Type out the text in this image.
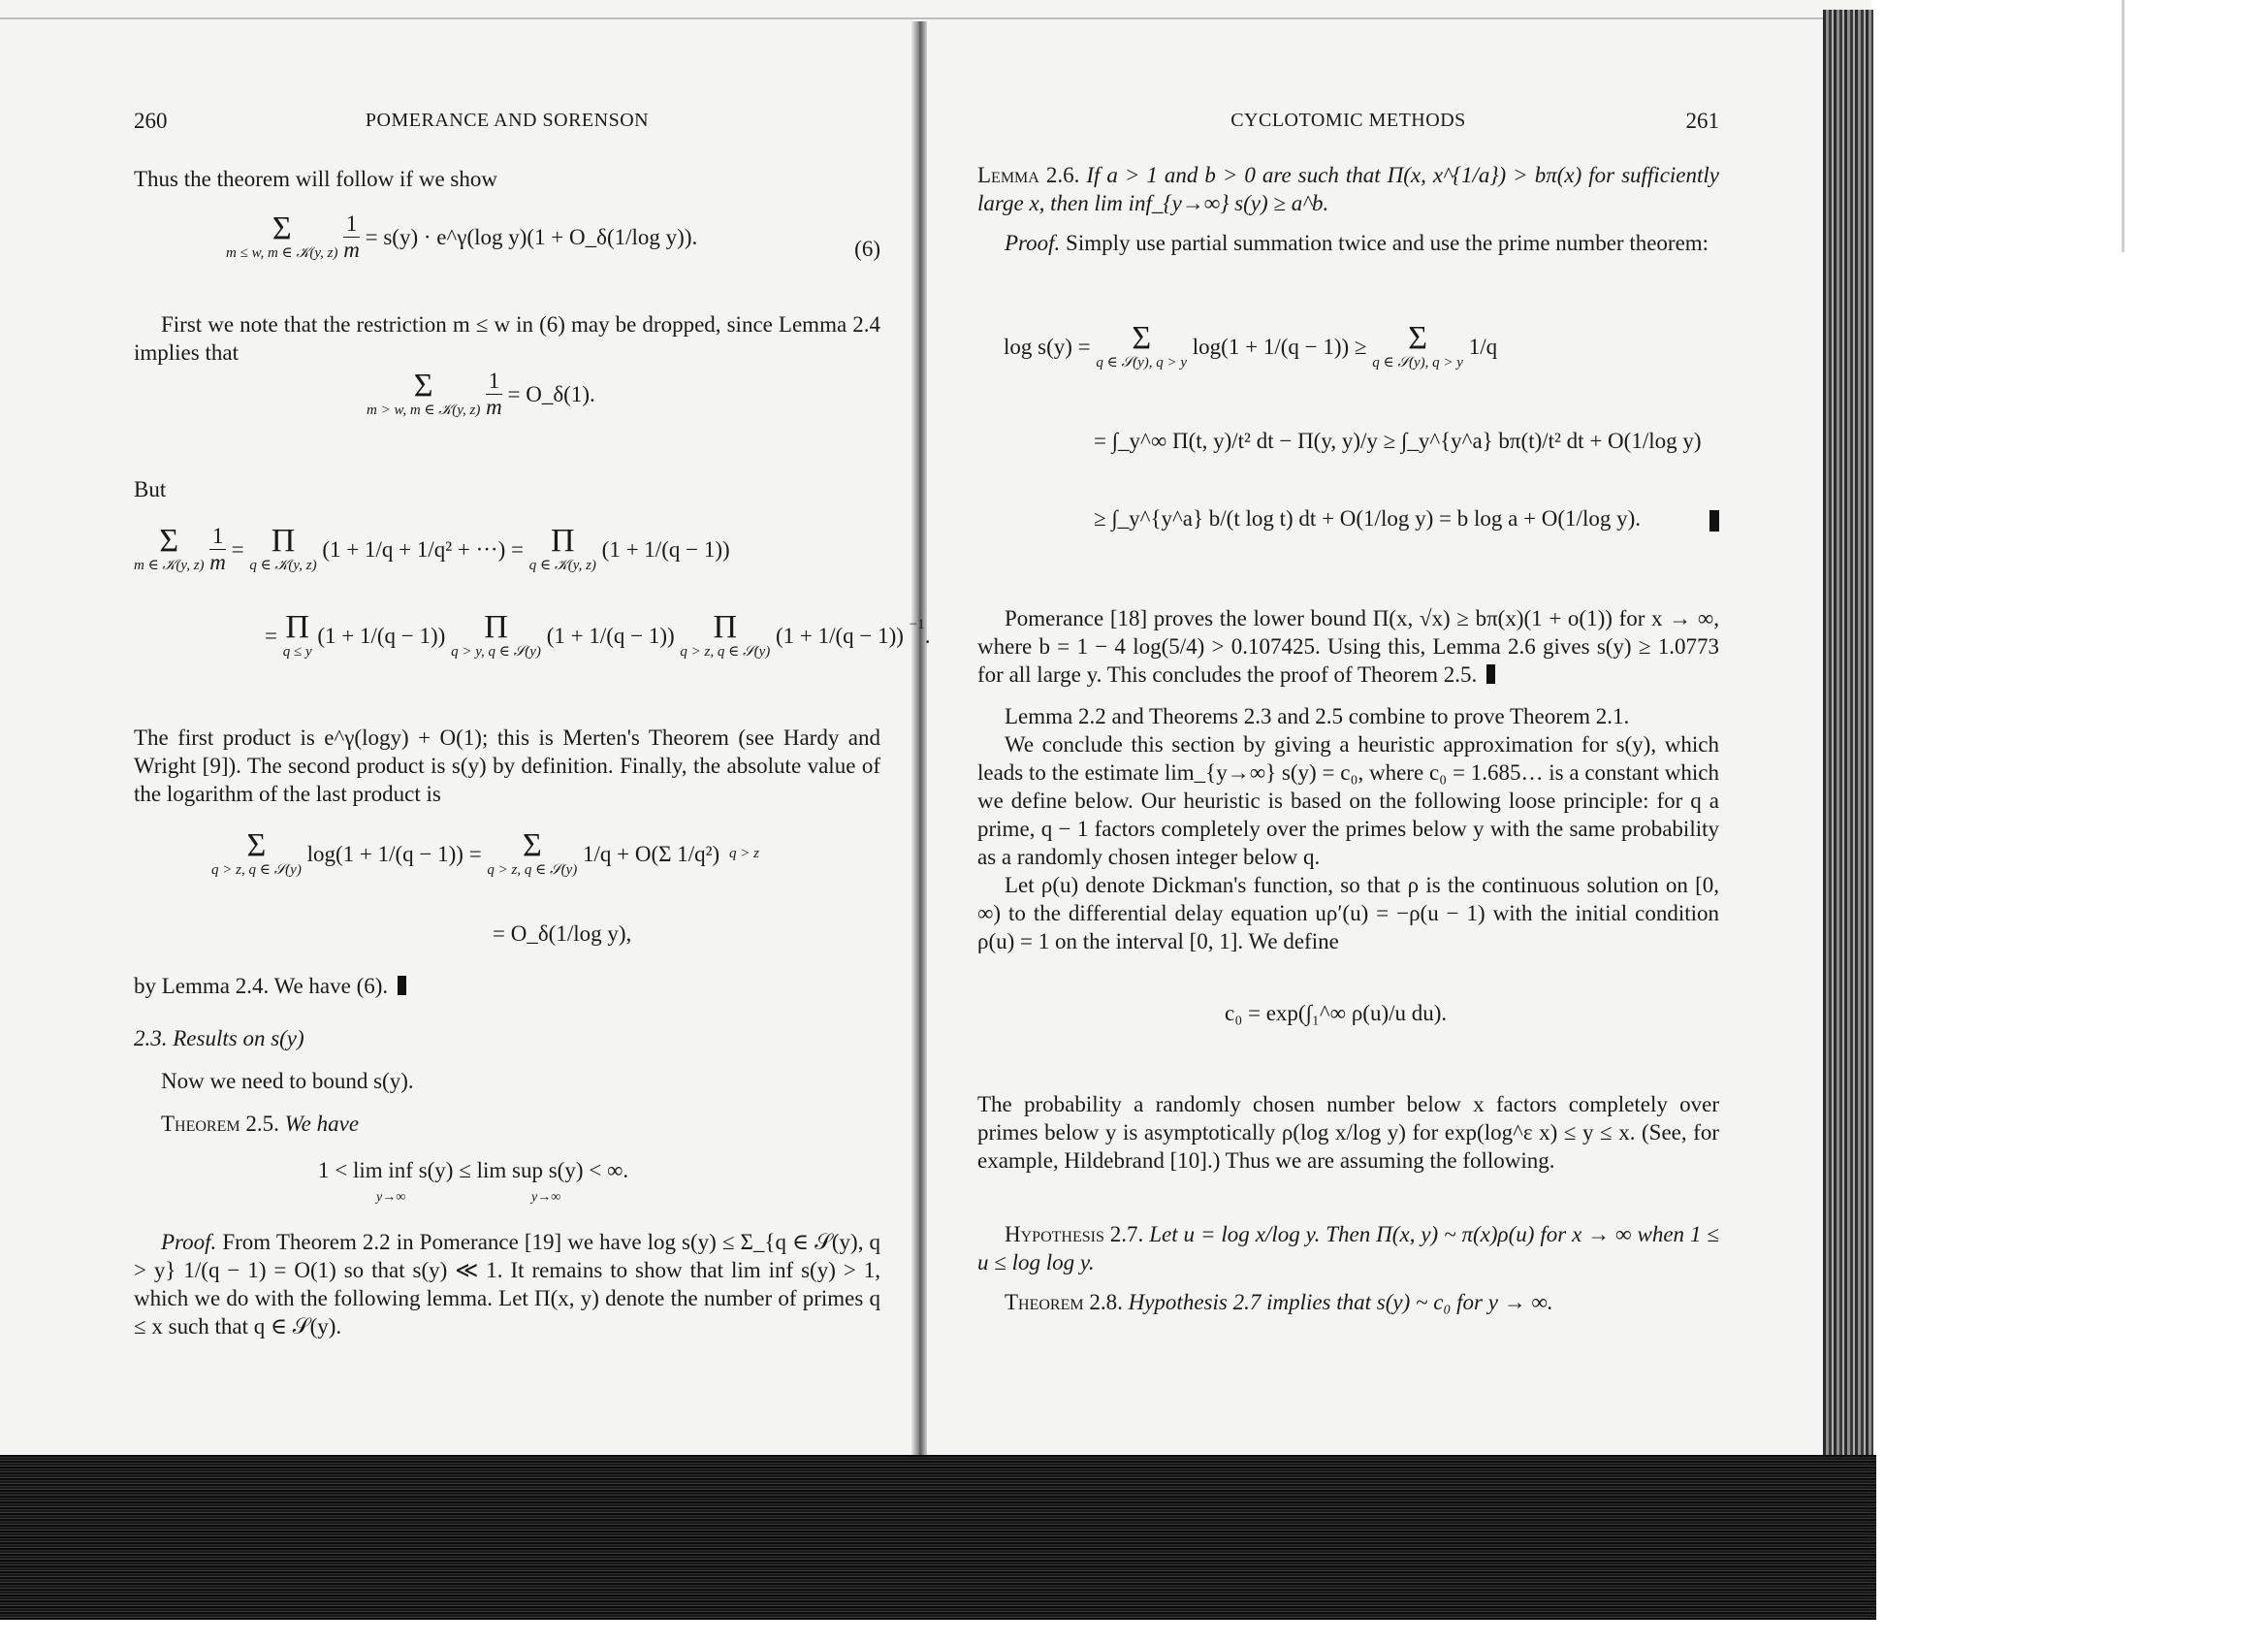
260	POMERANCE AND SORENSON

Thus the theorem will follow if we show

Σ
m ≤ w, m ∈ 𝒦(y, z)
$\frac{1}{m} = s(y)$ · e^γ(log y)(1 + O_δ(1/log y)).	(6)

First we note that the restriction m ≤ w in (6) may be dropped, since Lemma 2.4 implies that

Σ
m > w, m ∈ 𝒦(y, z)
$\frac{1}{m}$ = O_δ(1).

But

Σ
m ∈ 𝒦(y, z)
$\frac{1}{m} = \Pi$
q ∈ 𝒦(y, z)
(1 + 1/q + 1/q² + ···) = Π
q ∈ 𝒦(y, z)
(1 + 1/(q − 1))
= Π
q ≤ y
(1 + 1/(q − 1))	Π
q > y, q ∈ 𝒮(y)
(1 + 1/(q − 1))	Π
q > z, q ∈ 𝒮(y)
(1 + 1/(q − 1)) $^{-1}$.

The first product is e^γ(logy) + O(1); this is Merten's Theorem (see Hardy and Wright [9]). The second product is s(y) by definition. Finally, the absolute value of the logarithm of the last product is

Σ
q > z, q ∈ 𝒮(y)
log(1 + 1/(q − 1)) =	Σ
q > z, q ∈ 𝒮(y)
1/q + O(Σ 1/q²) q > z
= O_δ(1/log y),

by Lemma 2.4. We have (6).

2.3. Results on s(y)

Now we need to bound s(y).

Theorem 2.5. We have

1 < lim inf s(y) ≤ lim sup s(y) < ∞.
y→∞	y→∞

Proof. From Theorem 2.2 in Pomerance [19] we have log s(y) ≤ Σ_{q ∈ 𝒮(y), q > y} 1/(q − 1) = O(1) so that s(y) ≪ 1. It remains to show that lim inf s(y) > 1, which we do with the following lemma. Let Π(x, y) denote the number of primes q ≤ x such that q ∈ 𝒮(y).

CYCLOTOMIC METHODS	261

Lemma 2.6. If a > 1 and b > 0 are such that Π(x, x^{1/a}) > bπ(x) for sufficiently large x, then lim inf_{y→∞} s(y) ≥ a^b.

Proof. Simply use partial summation twice and use the prime number theorem:

log s(y) =	Σ
q ∈ 𝒮(y), q > y
log(1 + 1/(q − 1)) ≥	Σ
q ∈ 𝒮(y), q > y
1/q
= ∫_y^∞ Π(t, y)/t² dt − Π(y, y)/y ≥ ∫_y^{y^a} bπ(t)/t² dt + O(1/log y)
≥ ∫_y^{y^a} b/(t log t) dt + O(1/log y) = b log a + O(1/log y).

Pomerance [18] proves the lower bound Π(x, √x) ≥ bπ(x)(1 + o(1)) for x → ∞, where b = 1 − 4 log(5/4) > 0.107425. Using this, Lemma 2.6 gives s(y) ≥ 1.0773 for all large y. This concludes the proof of Theorem 2.5.

Lemma 2.2 and Theorems 2.3 and 2.5 combine to prove Theorem 2.1.

We conclude this section by giving a heuristic approximation for s(y), which leads to the estimate lim_{y→∞} s(y) = c₀, where c₀ = 1.685… is a constant which we define below. Our heuristic is based on the following loose principle: for q a prime, q − 1 factors completely over the primes below y with the same probability as a randomly chosen integer below q.

Let ρ(u) denote Dickman's function, so that ρ is the continuous solution on [0, ∞) to the differential delay equation uρ′(u) = −ρ(u − 1) with the initial condition ρ(u) = 1 on the interval [0, 1]. We define

c₀ = exp(∫₁^∞ ρ(u)/u du).

The probability a randomly chosen number below x factors completely over primes below y is asymptotically ρ(log x/log y) for exp(log^ε x) ≤ y ≤ x. (See, for example, Hildebrand [10].) Thus we are assuming the following.

Hypothesis 2.7. Let u = log x/log y. Then Π(x, y) ~ π(x)ρ(u) for x → ∞ when 1 ≤ u ≤ log log y.

Theorem 2.8. Hypothesis 2.7 implies that s(y) ~ c₀ for y → ∞.
